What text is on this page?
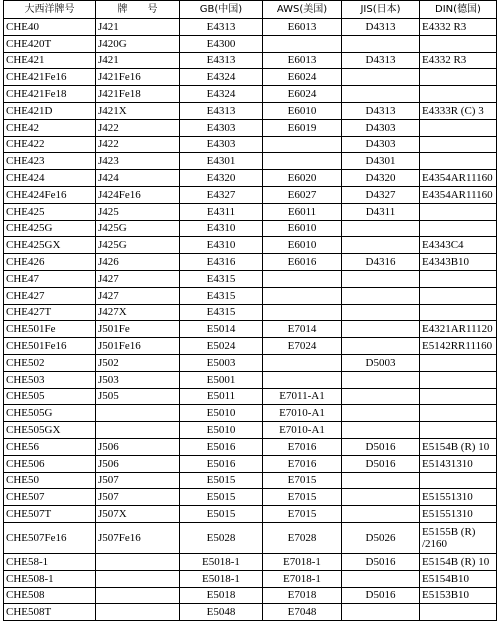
大西洋牌号	牌　　号	GB(中国)	AWS(美国)	JIS(日本)	DIN(德国)
CHE40	J421	E4313	E6013	D4313	E4332 R3
CHE420T	J420G	E4300			
CHE421	J421	E4313	E6013	D4313	E4332 R3
CHE421Fe16	J421Fe16	E4324	E6024		
CHE421Fe18	J421Fe18	E4324	E6024		
CHE421D	J421X	E4313	E6010	D4313	E4333R (C) 3
CHE42	J422	E4303	E6019	D4303	
CHE422	J422	E4303		D4303	
CHE423	J423	E4301		D4301	
CHE424	J424	E4320	E6020	D4320	E4354AR11160
CHE424Fe16	J424Fe16	E4327	E6027	D4327	E4354AR11160
CHE425	J425	E4311	E6011	D4311	
CHE425G	J425G	E4310	E6010		
CHE425GX	J425G	E4310	E6010		E4343C4
CHE426	J426	E4316	E6016	D4316	E4343B10
CHE47	J427	E4315			
CHE427	J427	E4315			
CHE427T	J427X	E4315			
CHE501Fe	J501Fe	E5014	E7014		E4321AR11120
CHE501Fe16	J501Fe16	E5024	E7024		E5142RR11160
CHE502	J502	E5003		D5003	
CHE503	J503	E5001			
CHE505	J505	E5011	E7011-A1		
CHE505G		E5010	E7010-A1		
CHE505GX		E5010	E7010-A1		
CHE56	J506	E5016	E7016	D5016	E5154B (R) 10
CHE506	J506	E5016	E7016	D5016	E51431310
CHE50	J507	E5015	E7015		
CHE507	J507	E5015	E7015		E51551310
CHE507T	J507X	E5015	E7015		E51551310
CHE507Fe16	J507Fe16	E5028	E7028	D5026	E5155B (R) /2160
CHE58-1		E5018-1	E7018-1	D5016	E5154B (R) 10
CHE508-1		E5018-1	E7018-1		E5154B10
CHE508		E5018	E7018	D5016	E5153B10
CHE508T		E5048	E7048		
